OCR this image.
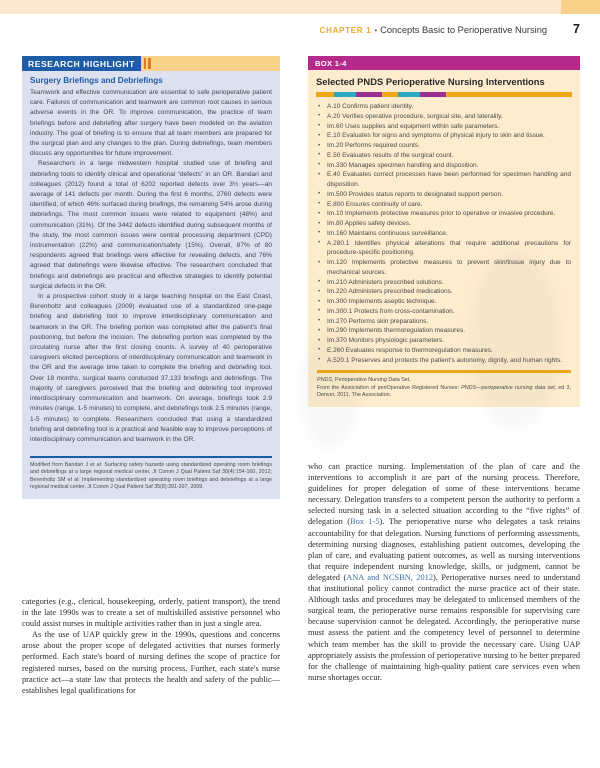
CHAPTER 1 • Concepts Basic to Perioperative Nursing 7
RESEARCH HIGHLIGHT
Surgery Briefings and Debriefings

Teamwork and effective communication are essential to safe perioperative patient care. Failures of communication and teamwork are common root causes in serious adverse events in the OR. To improve communication, the practice of team briefings before and debriefing after surgery have been modeled on the aviation industry. The goal of briefing is to ensure that all team members are prepared for the surgical plan and any changes to the plan. During debriefings, team members discuss any opportunities for future improvement.

Researchers in a large midwestern hospital studied use of briefing and debriefing tools to identify clinical and operational “defects” in an OR. Bandari and colleagues (2012) found a total of 6202 reported defects over 3½ years—an average of 141 defects per month. During the first 6 months, 2760 defects were identified, of which 46% surfaced during briefings, the remaining 54% arose during debriefings. The most common issues were related to equipment (48%) and communication (31%). Of the 3442 defects identified during subsequent months of the study, the most common issues were central processing department (CPD) instrumentation (22%) and communication/safety (15%). Overall, 87% of 80 respondents agreed that briefings were effective for revealing defects, and 76% agreed that debriefings were likewise effective. The researchers concluded that briefings and debriefings are practical and effective strategies to identify potential surgical defects in the OR.

In a prospective cohort study in a large teaching hospital on the East Coast, Berenholtz and colleagues (2009) evaluated use of a standardized one-page briefing and debriefing tool to improve interdisciplinary communication and teamwork in the OR. The briefing portion was completed after the patient's final positioning, but before the incision. The debriefing portion was completed by the circulating nurse after the first closing counts. A survey of 40 perioperative caregivers elicited perceptions of interdisciplinary communication and teamwork in the OR and the average time taken to complete the briefing and debriefing tool. Over 18 months, surgical teams conducted 37,133 briefings and debriefings. The majority of caregivers perceived that the briefing and debriefing tool improved interdisciplinary communication and teamwork. On average, briefings took 2.9 minutes (range, 1-5 minutes) to complete, and debriefings took 2.5 minutes (range, 1-5 minutes) to complete. Researchers concluded that using a standardized briefing and debriefing tool is a practical and feasible way to improve perceptions of interdisciplinary communication and teamwork in the OR.

Modified from Bandari J et al: Surfacing safety hazards using standardized operating room briefings and debriefings at a large regional medical center, Jt Comm J Qual Patient Saf 38(4):154-160, 2012; Berenholtz SM et al: Implementing standardized operating room briefings and debriefings at a large regional medical center, Jt Comm J Qual Patient Saf 35(8):391-397, 2009.

categories (e.g., clerical, housekeeping, orderly, patient transport), the trend in the late 1990s was to create a set of multiskilled assistive personnel who could assist nurses in multiple activities rather than in just a single area.

As the use of UAP quickly grew in the 1990s, questions and concerns arose about the proper scope of delegated activities that nurses formerly performed. Each state's board of nursing defines the scope of practice for registered nurses, based on the nursing process. Further, each state's nurse practice act—a state law that protects the health and safety of the public—establishes legal qualifications for

BOX 1-4
Selected PNDS Perioperative Nursing Interventions
• A.10 Confirms patient identity.
• A.20 Verifies operative procedure, surgical site, and laterality.
• Im.60 Uses supplies and equipment within safe parameters.
• E.10 Evaluates for signs and symptoms of physical injury to skin and tissue.
• Im.20 Performs required counts.
• E.50 Evaluates results of the surgical count.
• Im.330 Manages specimen handling and disposition.
• E.40 Evaluates correct processes have been performed for specimen handling and disposition.
• Im.500 Provides status reports to designated support person.
• E.800 Ensures continuity of care.
• Im.10 Implements protective measures prior to operative or invasive procedure.
• Im.80 Applies safety devices.
• Im.160 Maintains continuous surveillance.
• A.280.1 Identifies physical alterations that require additional precautions for procedure-specific positioning.
• Im.120 Implements protective measures to prevent skin/tissue injury due to mechanical sources.
• Im.210 Administers prescribed solutions.
• Im.220 Administers prescribed medications.
• Im.300 Implements aseptic technique.
• Im.300.1 Protects from cross-contamination.
• Im.270 Performs skin preparations.
• Im.290 Implements thermoregulation measures.
• Im.370 Monitors physiologic parameters.
• E.260 Evaluates response to thermoregulation measures.
• A.520.1 Preserves and protects the patient's autonomy, dignity, and human rights.
PNDS, Perioperative Nursing Data Set.
From the Association of periOperative Registered Nurses: PNDS—perioperative nursing data set, ed 3, Denver, 2011, The Association.

who can practice nursing. Implementation of the plan of care and the interventions to accomplish it are part of the nursing process. Therefore, guidelines for proper delegation of some of these interventions became necessary. Delegation transfers to a competent person the authority to perform a selected nursing task in a selected situation according to the “five rights” of delegation (Box 1-5). The perioperative nurse who delegates a task retains accountability for that delegation. Nursing functions of performing assessments, determining nursing diagnoses, establishing patient outcomes, developing the plan of care, and evaluating patient outcomes, as well as nursing interventions that require independent nursing knowledge, skills, or judgment, cannot be delegated (ANA and NCSBN, 2012). Perioperative nurses need to understand that institutional policy cannot contradict the nurse practice act of their state. Although tasks and procedures may be delegated to unlicensed members of the surgical team, the perioperative nurse remains responsible for supervising care because supervision cannot be delegated. Accordingly, the perioperative nurse must assess the patient and the competency level of personnel to determine which team member has the skill to provide the necessary care. Using UAP appropriately assists the profession of perioperative nursing to be better prepared for the challenge of maintaining high-quality patient care services even when nurse shortages occur.
